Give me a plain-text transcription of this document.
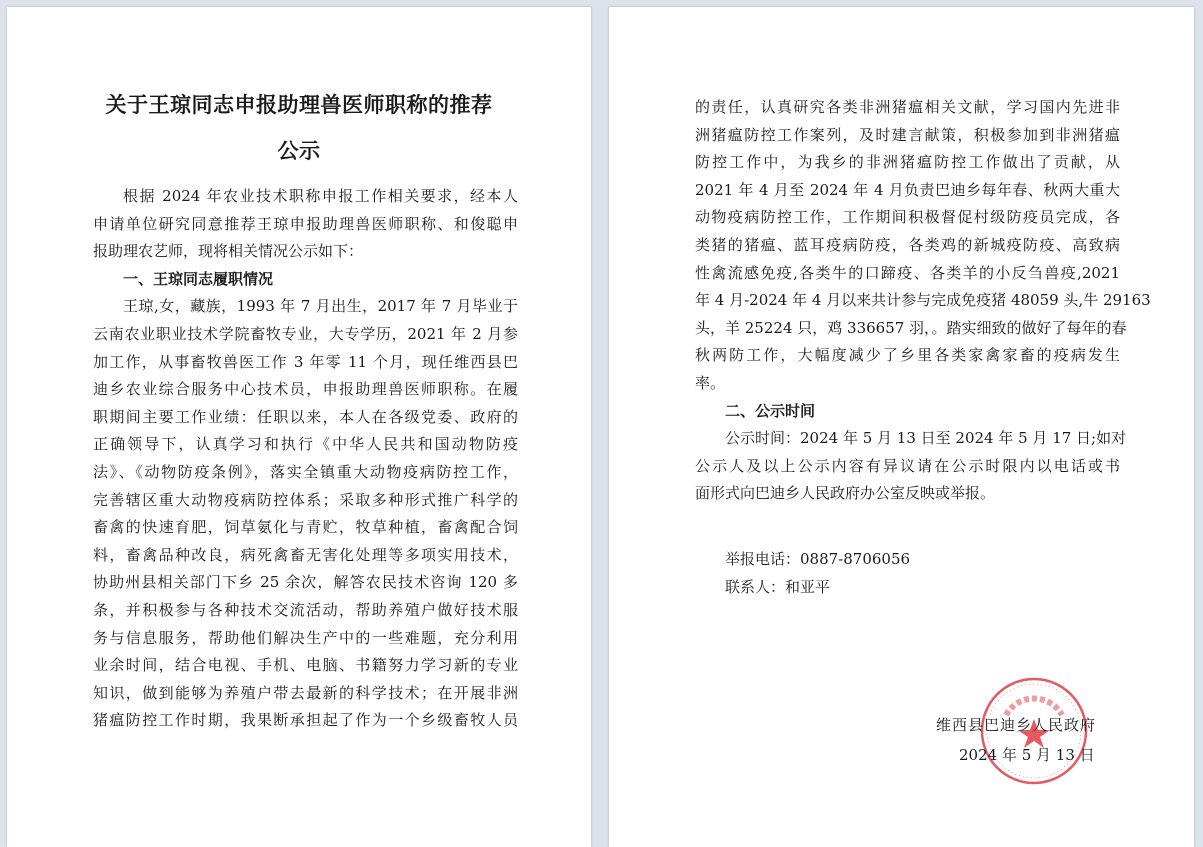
关于王琼同志申报助理兽医师职称的推荐
公示
根据 2024 年农业技术职称申报工作相关要求，经本人
申请单位研究同意推荐王琼申报助理兽医师职称、和俊聪申
报助理农艺师，现将相关情况公示如下：
一、王琼同志履职情况
王琼,女，藏族，1993 年 7 月出生，2017 年 7 月毕业于
云南农业职业技术学院畜牧专业，大专学历，2021 年 2 月参
加工作，从事畜牧兽医工作 3 年零 11 个月，现任维西县巴
迪乡农业综合服务中心技术员，申报助理兽医师职称。在履
职期间主要工作业绩：任职以来，本人在各级党委、政府的
正确领导下，认真学习和执行《中华人民共和国动物防疫
法》、《动物防疫条例》，落实全镇重大动物疫病防控工作，
完善辖区重大动物疫病防控体系；采取多种形式推广科学的
畜禽的快速育肥，饲草氨化与青贮，牧草种植，畜禽配合饲
料，畜禽品种改良，病死禽畜无害化处理等多项实用技术，
协助州县相关部门下乡 25 余次，解答农民技术咨询 120 多
条，并积极参与各种技术交流活动，帮助养殖户做好技术服
务与信息服务，帮助他们解决生产中的一些难题，充分利用
业余时间，结合电视、手机、电脑、书籍努力学习新的专业
知识，做到能够为养殖户带去最新的科学技术；在开展非洲
猪瘟防控工作时期，我果断承担起了作为一个乡级畜牧人员
的责任，认真研究各类非洲猪瘟相关文献，学习国内先进非
洲猪瘟防控工作案列，及时建言献策，积极参加到非洲猪瘟
防控工作中，为我乡的非洲猪瘟防控工作做出了贡献，从
2021 年 4 月至 2024 年 4 月负责巴迪乡每年春、秋两大重大
动物疫病防控工作，工作期间积极督促村级防疫员完成，各
类猪的猪瘟、蓝耳疫病防疫，各类鸡的新城疫防疫、高致病
性禽流感免疫,各类牛的口蹄疫、各类羊的小反刍兽疫,2021
年 4 月-2024 年 4 月以来共计参与完成免疫猪 48059 头,牛 29163
头，羊 25224 只，鸡 336657 羽，。踏实细致的做好了每年的春
秋两防工作，大幅度减少了乡里各类家禽家畜的疫病发生
率。
二、公示时间
公示时间：2024 年 5 月 13 日至 2024 年 5 月 17 日;如对
公示人及以上公示内容有异议请在公示时限内以电话或书
面形式向巴迪乡人民政府办公室反映或举报。
举报电话：0887-8706056
联系人：和亚平
维西县巴迪乡人民政府
2024 年 5 月 13 日
